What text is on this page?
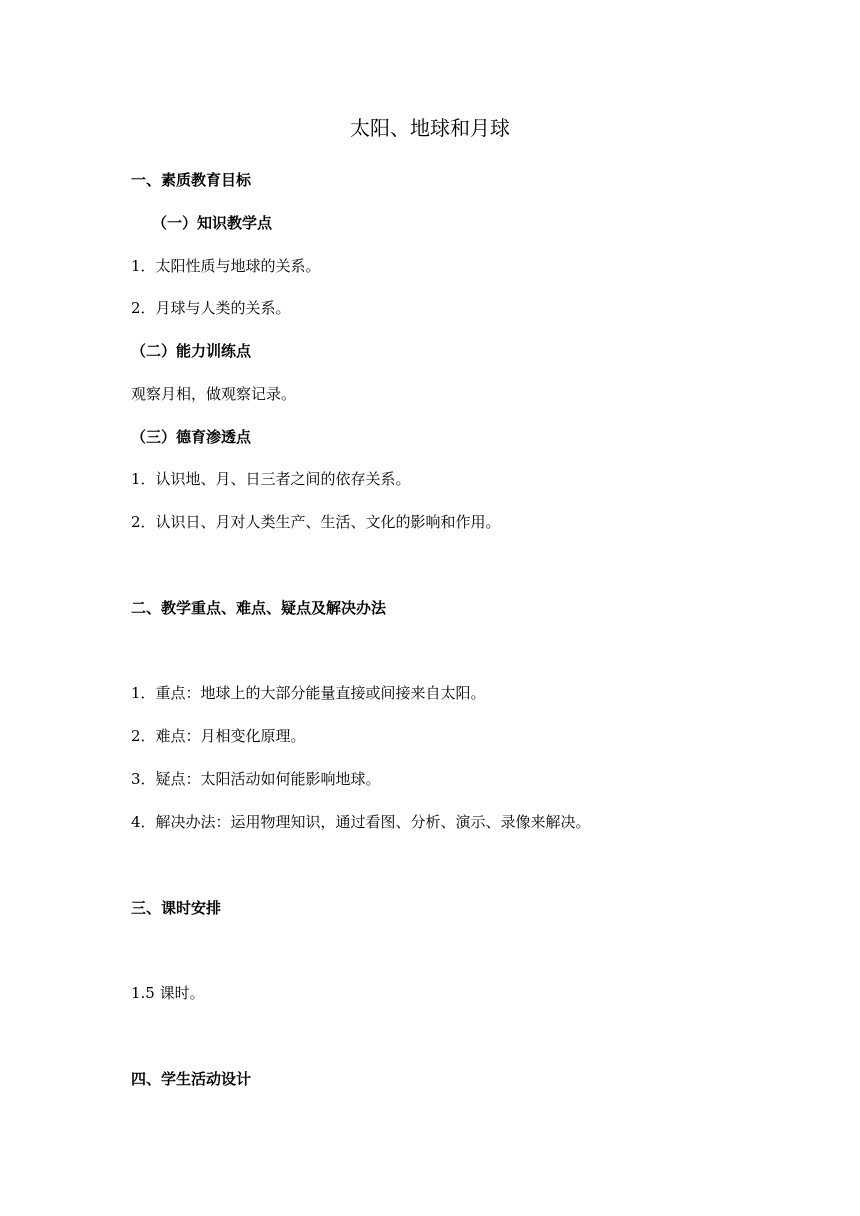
太阳、地球和月球
一、素质教育目标
（一）知识教学点
1．太阳性质与地球的关系。
2．月球与人类的关系。
（二）能力训练点
观察月相，做观察记录。
（三）德育渗透点
1．认识地、月、日三者之间的依存关系。
2．认识日、月对人类生产、生活、文化的影响和作用。
二、教学重点、难点、疑点及解决办法
1．重点：地球上的大部分能量直接或间接来自太阳。
2．难点：月相变化原理。
3．疑点：太阳活动如何能影响地球。
4．解决办法：运用物理知识，通过看图、分析、演示、录像来解决。
三、课时安排
1.5 课时。
四、学生活动设计
